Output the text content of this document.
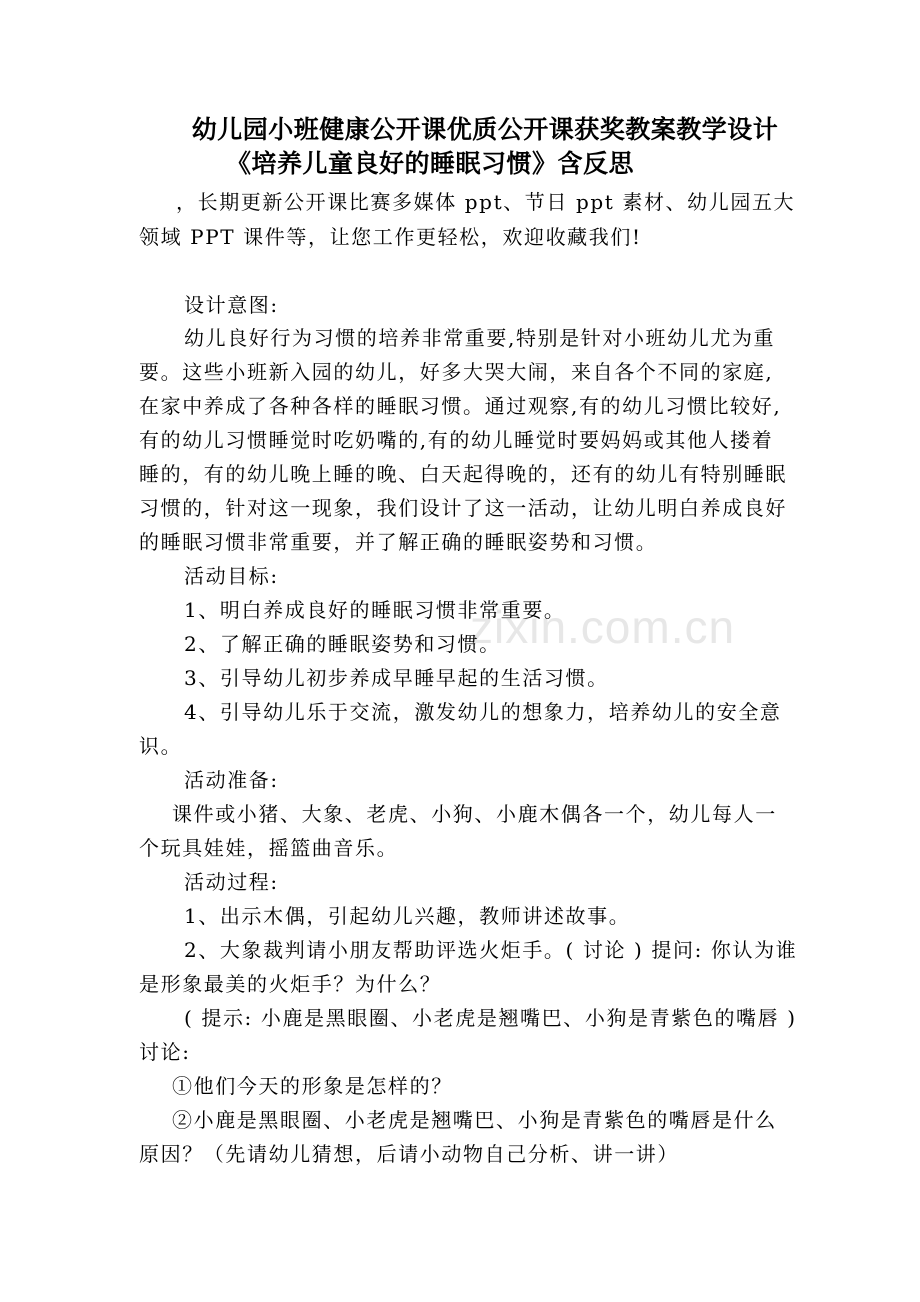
幼儿园小班健康公开课优质公开课获奖教案教学设计
《培养儿童良好的睡眠习惯》含反思
zixin.com.cn
，长期更新公开课比赛多媒体 ppt、节日 ppt 素材、幼儿园五大
领域 PPT 课件等，让您工作更轻松，欢迎收藏我们!
设计意图:
幼儿良好行为习惯的培养非常重要,特别是针对小班幼儿尤为重
要。这些小班新入园的幼儿，好多大哭大闹，来自各个不同的家庭,
在家中养成了各种各样的睡眠习惯。通过观察,有的幼儿习惯比较好,
有的幼儿习惯睡觉时吃奶嘴的,有的幼儿睡觉时要妈妈或其他人搂着
睡的，有的幼儿晚上睡的晚、白天起得晚的，还有的幼儿有特别睡眠
习惯的，针对这一现象，我们设计了这一活动，让幼儿明白养成良好
的睡眠习惯非常重要，并了解正确的睡眠姿势和习惯。
活动目标:
1、明白养成良好的睡眠习惯非常重要。
2、了解正确的睡眠姿势和习惯。
3、引导幼儿初步养成早睡早起的生活习惯。
4、引导幼儿乐于交流，激发幼儿的想象力，培养幼儿的安全意
识。
活动准备:
课件或小猪、大象、老虎、小狗、小鹿木偶各一个，幼儿每人一
个玩具娃娃，摇篮曲音乐。
活动过程:
1、出示木偶，引起幼儿兴趣，教师讲述故事。
2、大象裁判请小朋友帮助评选火炬手。( 讨论 ) 提问: 你认为谁
是形象最美的火炬手？为什么？
( 提示: 小鹿是黑眼圈、小老虎是翘嘴巴、小狗是青紫色的嘴唇 )
讨论:
①他们今天的形象是怎样的？
②小鹿是黑眼圈、小老虎是翘嘴巴、小狗是青紫色的嘴唇是什么
原因？（先请幼儿猜想，后请小动物自己分析、讲一讲）
